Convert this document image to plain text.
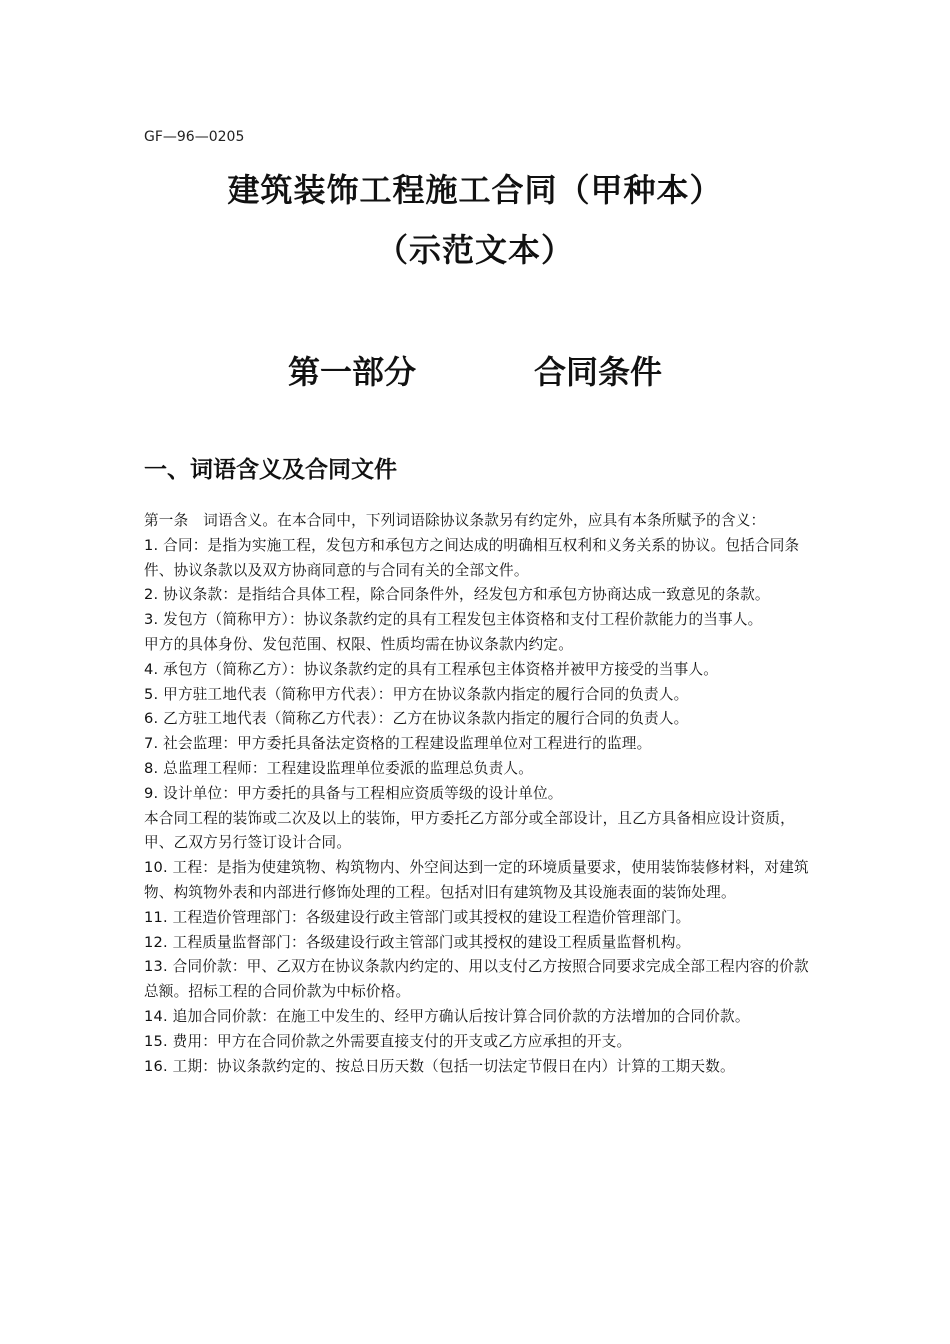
GF—96—0205
建筑装饰工程施工合同（甲种本）
（示范文本）
第一部分	合同条件
一、词语含义及合同文件

第一条　词语含义。在本合同中，下列词语除协议条款另有约定外，应具有本条所赋予的含义：

1. 合同：是指为实施工程，发包方和承包方之间达成的明确相互权利和义务关系的协议。包括合同条件、协议条款以及双方协商同意的与合同有关的全部文件。

2. 协议条款：是指结合具体工程，除合同条件外，经发包方和承包方协商达成一致意见的条款。

3. 发包方（简称甲方）：协议条款约定的具有工程发包主体资格和支付工程价款能力的当事人。

甲方的具体身份、发包范围、权限、性质均需在协议条款内约定。

4. 承包方（简称乙方）：协议条款约定的具有工程承包主体资格并被甲方接受的当事人。

5. 甲方驻工地代表（简称甲方代表）：甲方在协议条款内指定的履行合同的负责人。

6. 乙方驻工地代表（简称乙方代表）：乙方在协议条款内指定的履行合同的负责人。

7. 社会监理：甲方委托具备法定资格的工程建设监理单位对工程进行的监理。

8. 总监理工程师：工程建设监理单位委派的监理总负责人。

9. 设计单位：甲方委托的具备与工程相应资质等级的设计单位。

本合同工程的装饰或二次及以上的装饰，甲方委托乙方部分或全部设计，且乙方具备相应设计资质，甲、乙双方另行签订设计合同。

10. 工程：是指为使建筑物、构筑物内、外空间达到一定的环境质量要求，使用装饰装修材料，对建筑物、构筑物外表和内部进行修饰处理的工程。包括对旧有建筑物及其设施表面的装饰处理。

11. 工程造价管理部门：各级建设行政主管部门或其授权的建设工程造价管理部门。

12. 工程质量监督部门：各级建设行政主管部门或其授权的建设工程质量监督机构。

13. 合同价款：甲、乙双方在协议条款内约定的、用以支付乙方按照合同要求完成全部工程内容的价款总额。招标工程的合同价款为中标价格。

14. 追加合同价款：在施工中发生的、经甲方确认后按计算合同价款的方法增加的合同价款。

15. 费用：甲方在合同价款之外需要直接支付的开支或乙方应承担的开支。

16. 工期：协议条款约定的、按总日历天数（包括一切法定节假日在内）计算的工期天数。
